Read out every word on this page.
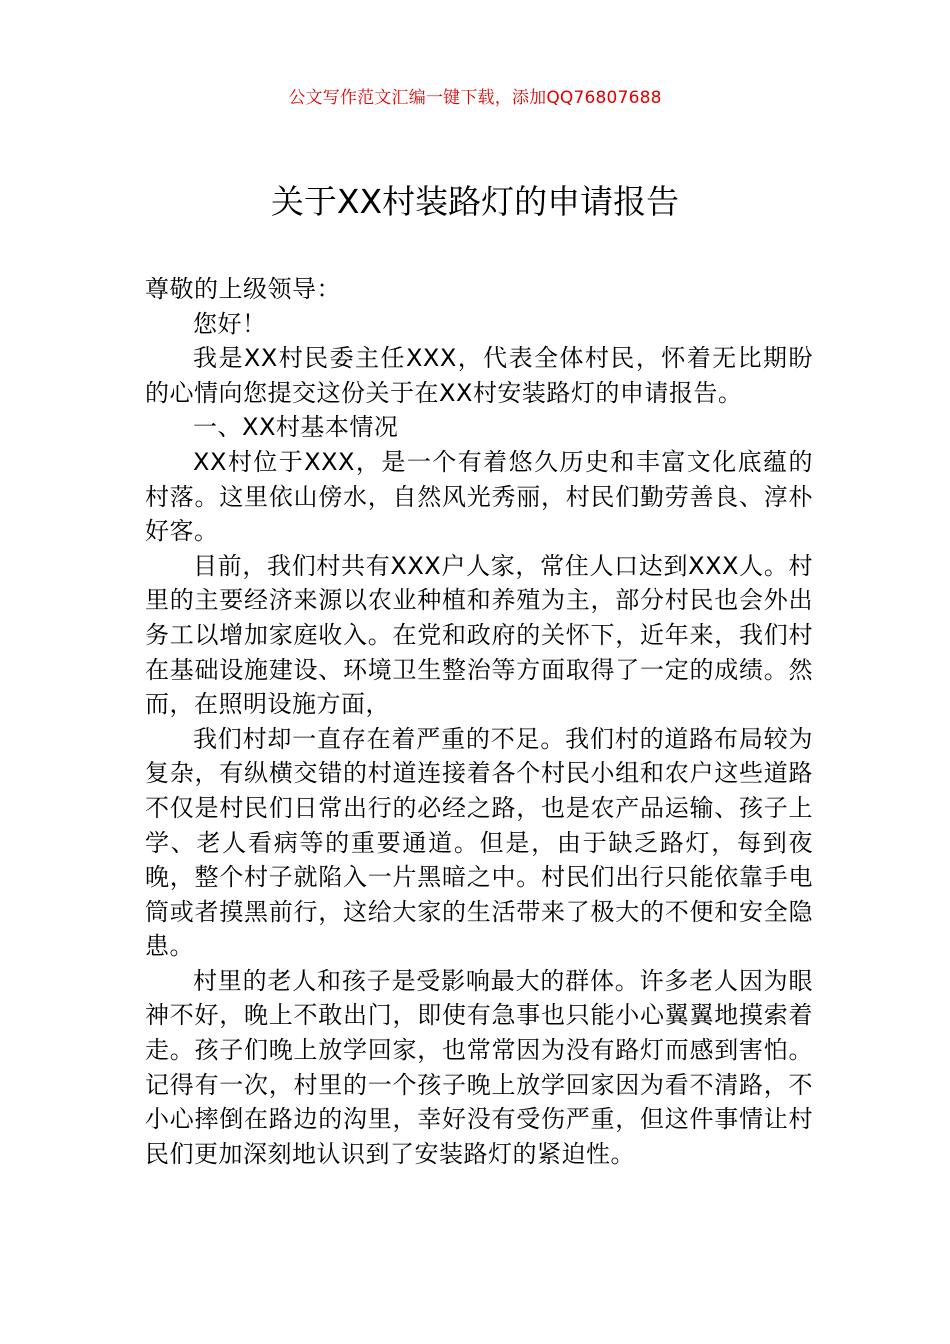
公文写作范文汇编一键下载，添加QQ76807688
关于XX村装路灯的申请报告

尊敬的上级领导：

您好！

我是XX村民委主任XXX，代表全体村民，怀着无比期盼的心情向您提交这份关于在XX村安装路灯的申请报告。

一、XX村基本情况

XX村位于XXX，是一个有着悠久历史和丰富文化底蕴的村落。这里依山傍水，自然风光秀丽，村民们勤劳善良、淳朴好客。

目前，我们村共有XXX户人家，常住人口达到XXX人。村里的主要经济来源以农业种植和养殖为主，部分村民也会外出务工以增加家庭收入。在党和政府的关怀下，近年来，我们村在基础设施建设、环境卫生整治等方面取得了一定的成绩。然而，在照明设施方面，

我们村却一直存在着严重的不足。我们村的道路布局较为复杂，有纵横交错的村道连接着各个村民小组和农户这些道路不仅是村民们日常出行的必经之路，也是农产品运输、孩子上学、老人看病等的重要通道。但是，由于缺乏路灯，每到夜晚，整个村子就陷入一片黑暗之中。村民们出行只能依靠手电筒或者摸黑前行，这给大家的生活带来了极大的不便和安全隐患。

村里的老人和孩子是受影响最大的群体。许多老人因为眼神不好，晚上不敢出门，即使有急事也只能小心翼翼地摸索着走。孩子们晚上放学回家，也常常因为没有路灯而感到害怕。记得有一次，村里的一个孩子晚上放学回家因为看不清路，不小心摔倒在路边的沟里，幸好没有受伤严重，但这件事情让村民们更加深刻地认识到了安装路灯的紧迫性。
